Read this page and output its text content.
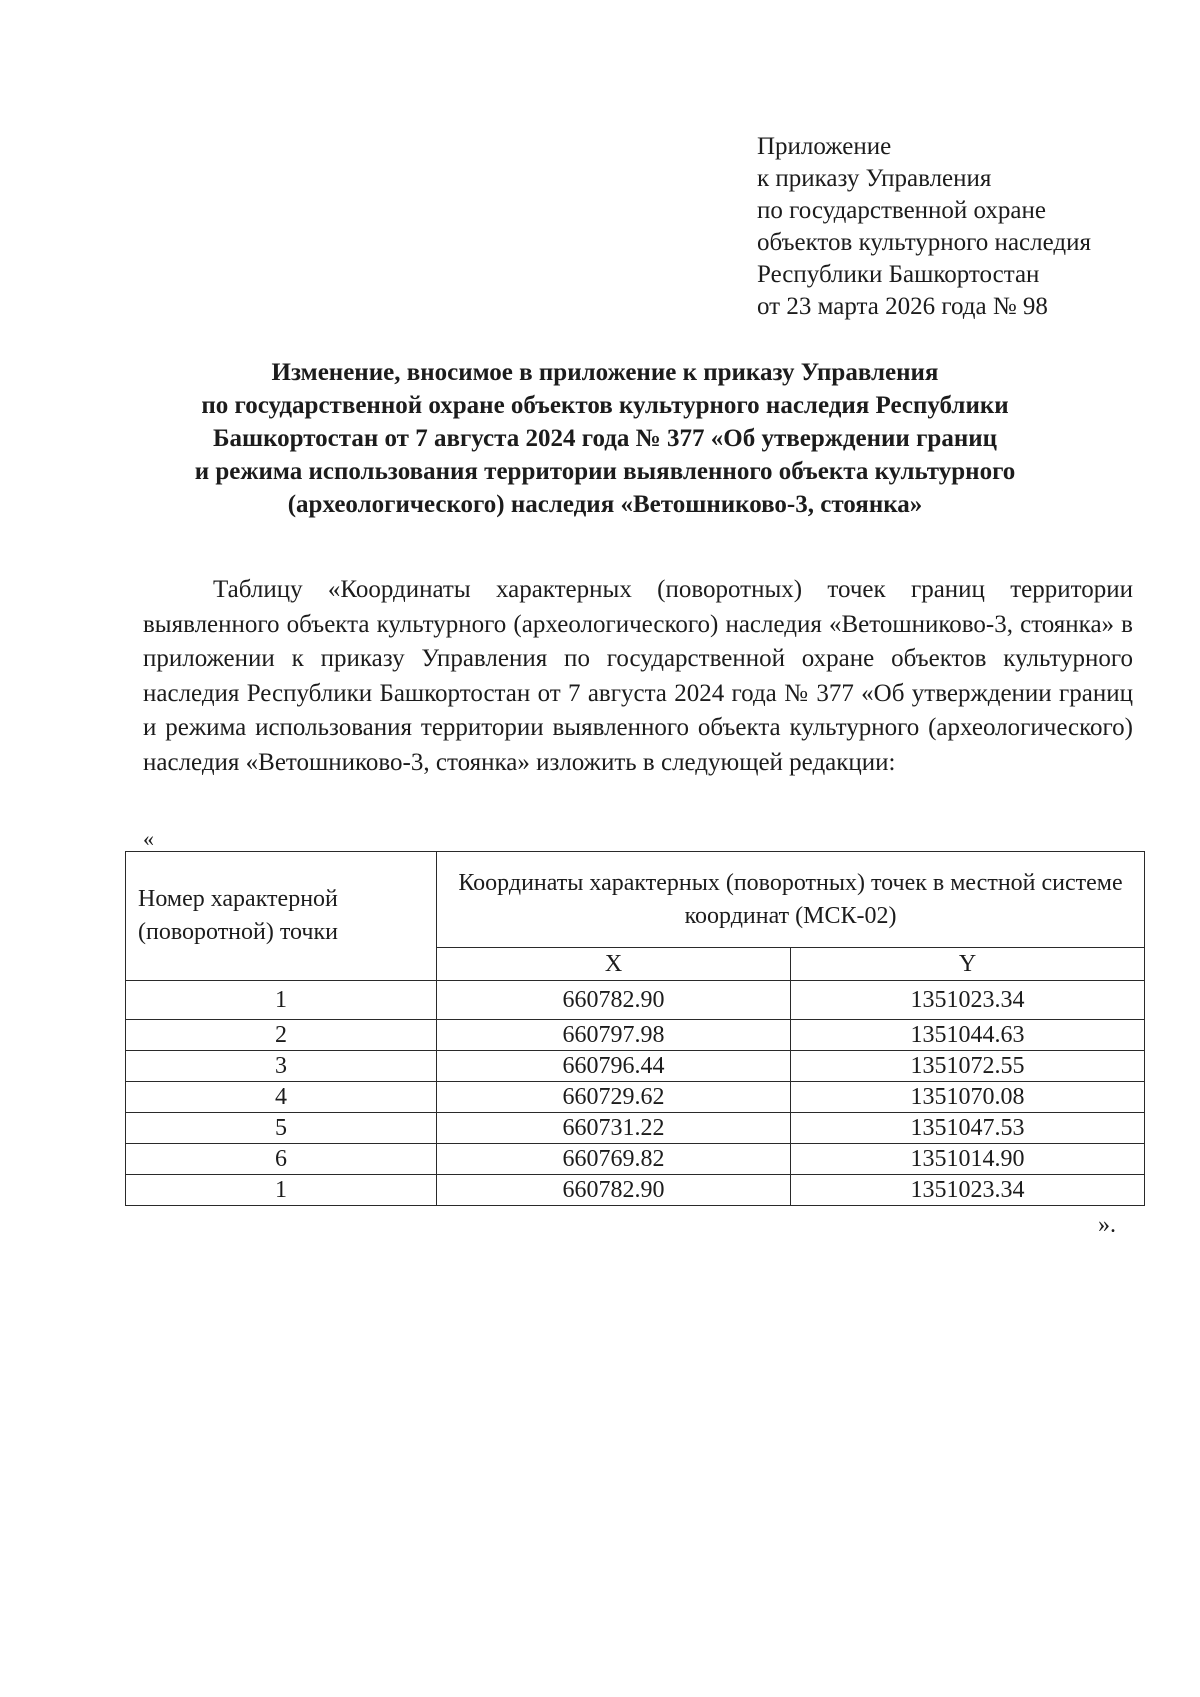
Приложение
к приказу Управления
по государственной охране
объектов культурного наследия
Республики Башкортостан
от 23 марта 2026 года № 98
Изменение, вносимое в приложение к приказу Управления
по государственной охране объектов культурного наследия Республики
Башкортостан от 7 августа 2024 года № 377 «Об утверждении границ
и режима использования территории выявленного объекта культурного
(археологического) наследия «Ветошниково-3, стоянка»

Таблицу «Координаты характерных (поворотных) точек границ территории выявленного объекта культурного (археологического) наследия «Ветошниково-3, стоянка» в приложении к приказу Управления по государственной охране объектов культурного наследия Республики Башкортостан от 7 августа 2024 года № 377 «Об утверждении границ и режима использования территории выявленного объекта культурного (археологического) наследия «Ветошниково-3, стоянка» изложить в следующей редакции:

«
Номер характерной (поворотной) точки	Координаты характерных (поворотных) точек в местной системе координат (МСК-02)	
	X	Y
1	660782.90	1351023.34
2	660797.98	1351044.63
3	660796.44	1351072.55
4	660729.62	1351070.08
5	660731.22	1351047.53
6	660769.82	1351014.90
1	660782.90	1351023.34
».
